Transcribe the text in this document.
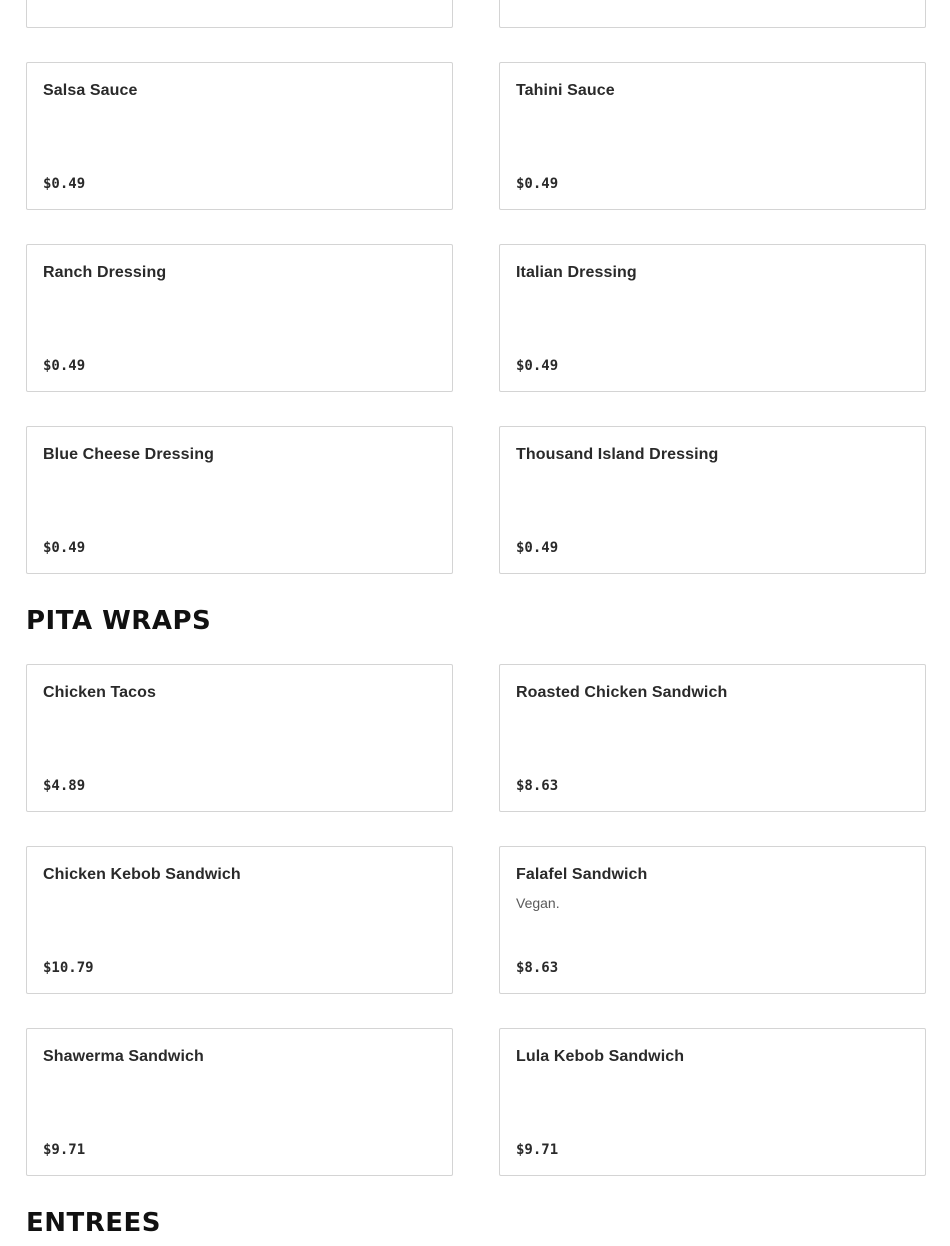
Salsa Sauce
$0.49
Tahini Sauce
$0.49
Ranch Dressing
$0.49
Italian Dressing
$0.49
Blue Cheese Dressing
$0.49
Thousand Island Dressing
$0.49
PITA WRAPS
Chicken Tacos
$4.89
Roasted Chicken Sandwich
$8.63
Chicken Kebob Sandwich
$10.79
Falafel Sandwich
Vegan.
$8.63
Shawerma Sandwich
$9.71
Lula Kebob Sandwich
$9.71
ENTREES
